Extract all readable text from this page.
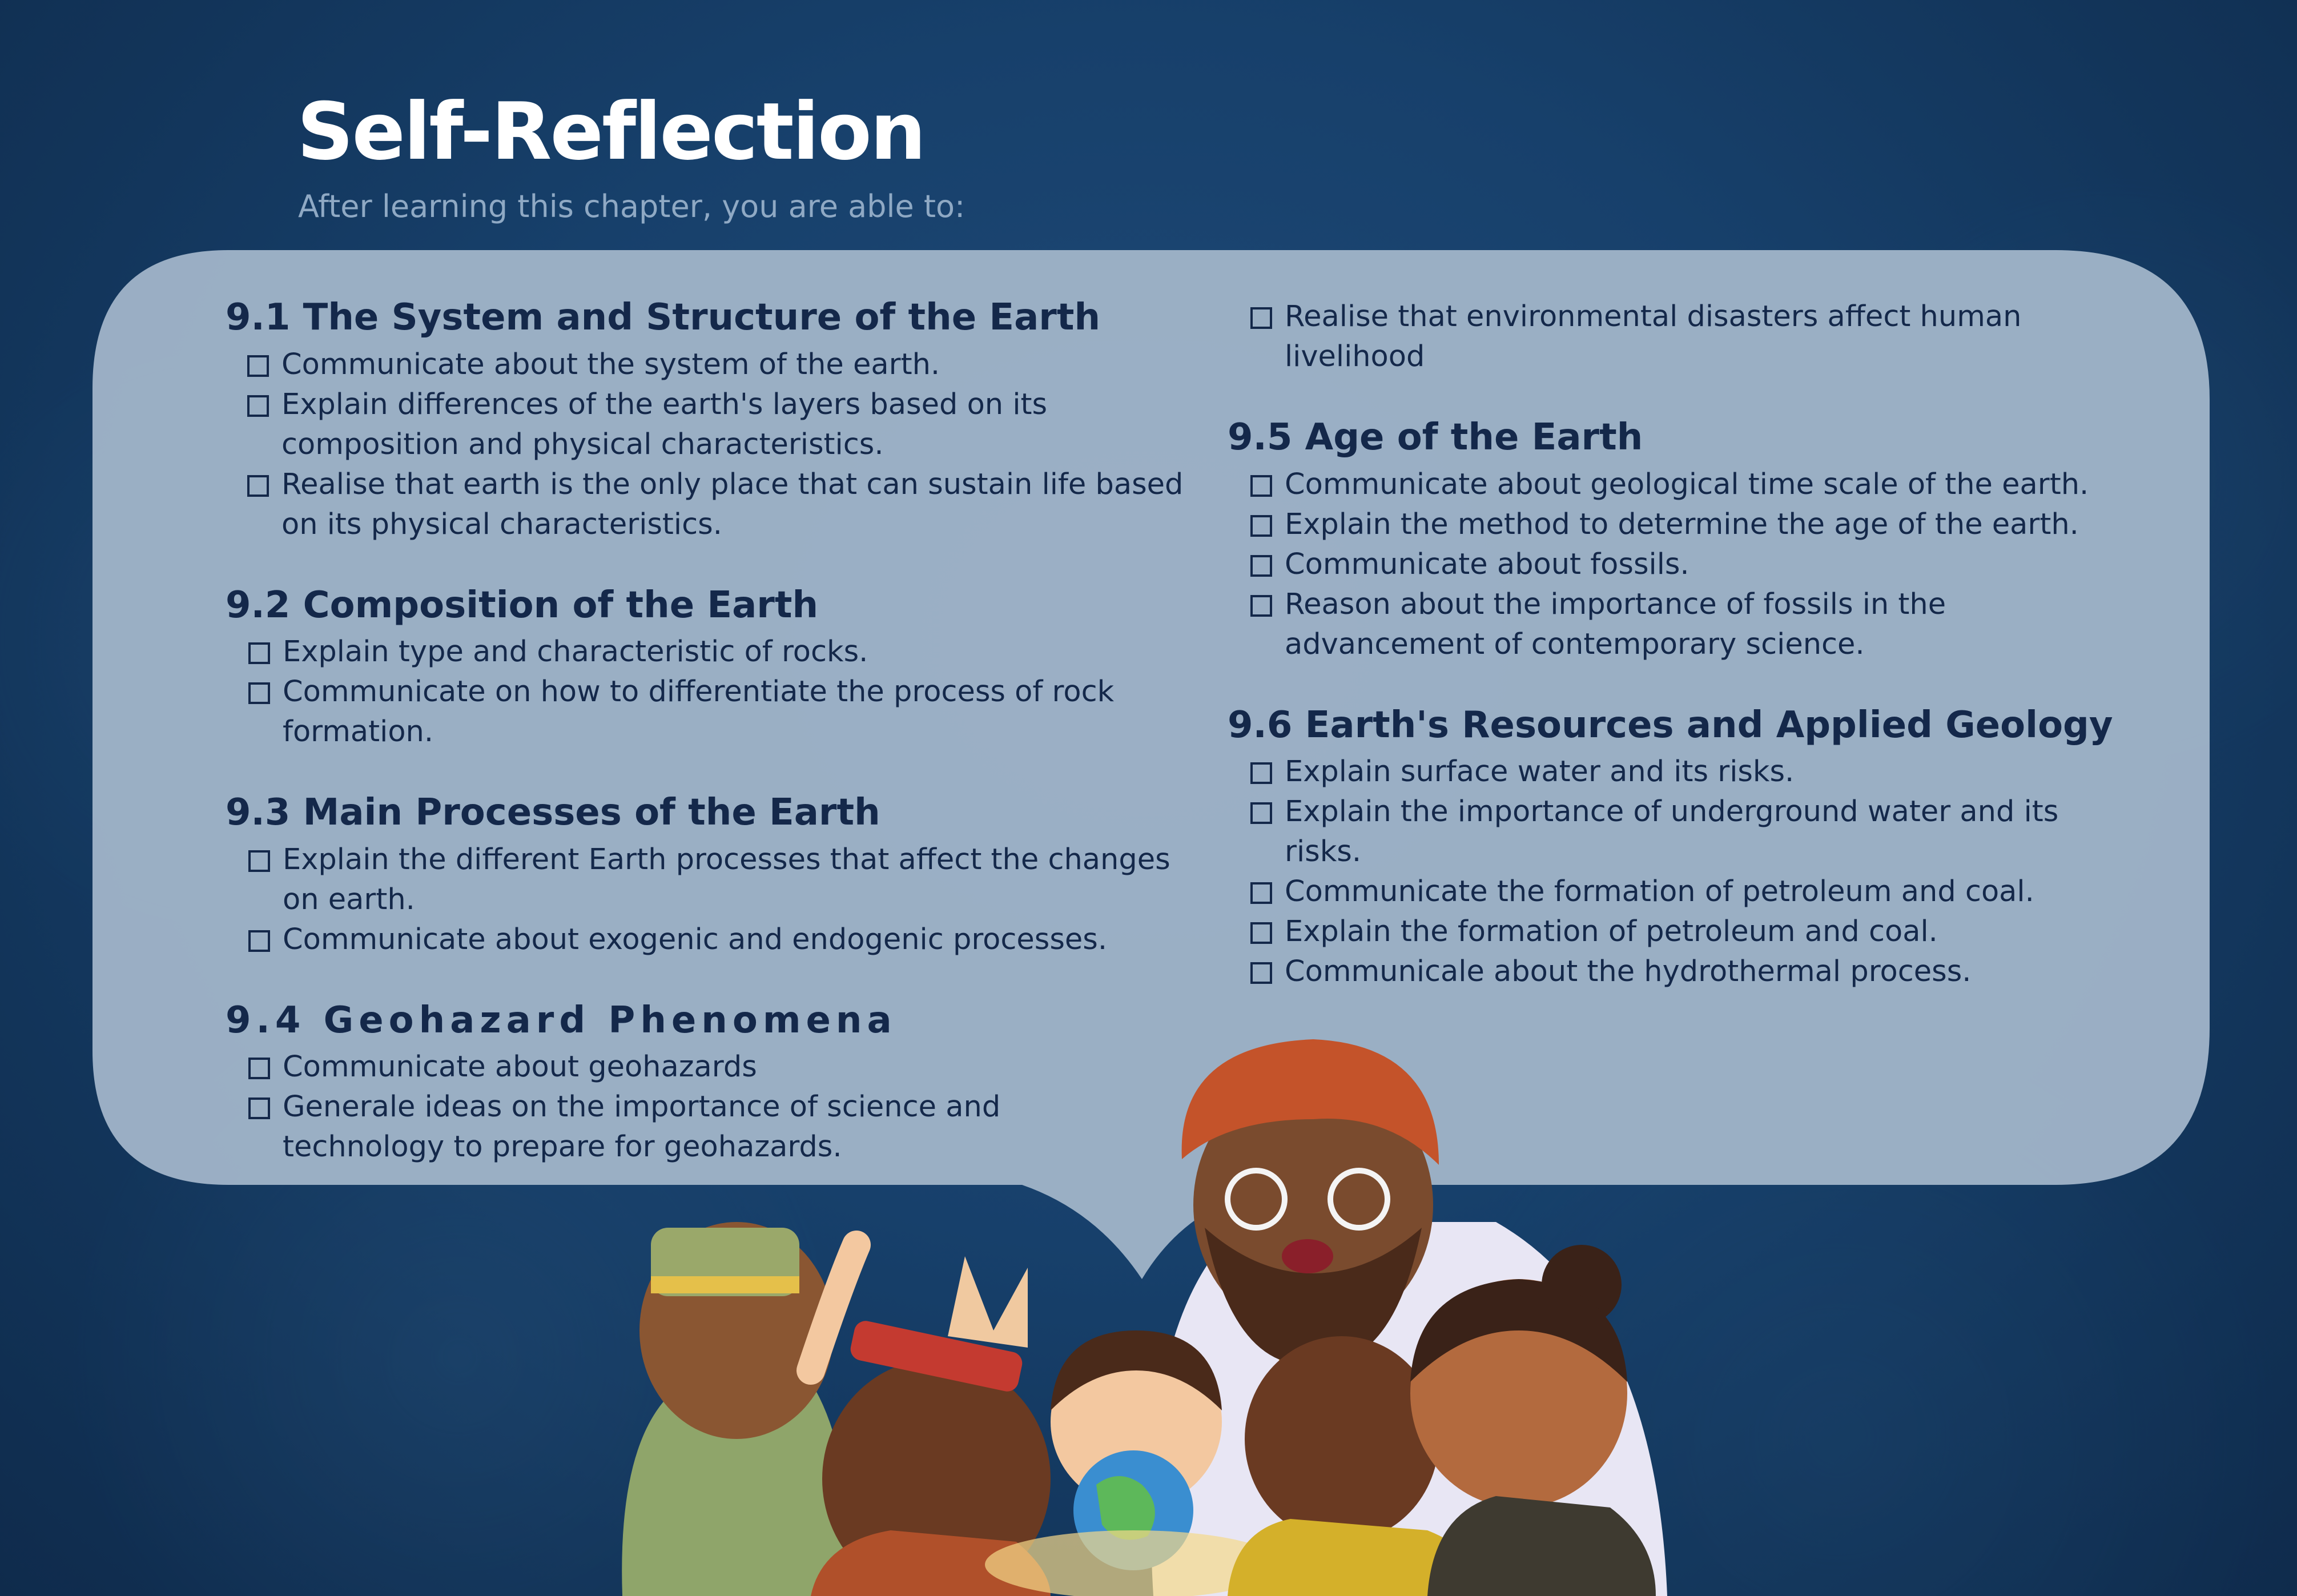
Self-Reflection

After learning this chapter, you are able to:

9.1 The System and Structure of the Earth
Communicate about the system of the earth.
Explain differences of the earth's layers based on its composition and physical characteristics.
Realise that earth is the only place that can sustain life based on its physical characteristics.
9.2 Composition of the Earth
Explain type and characteristic of rocks.
Communicate on how to differentiate the process of rock formation.
9.3 Main Processes of the Earth
Explain the different Earth processes that affect the changes on earth.
Communicate about exogenic and endogenic processes.
9.4 Geohazard Phenomena
Communicate about geohazards
Generale ideas on the importance of science and technology to prepare for geohazards.
Realise that environmental disasters affect human livelihood
9.5 Age of the Earth
Communicate about geological time scale of the earth.
Explain the method to determine the age of the earth.
Communicate about fossils.
Reason about the importance of fossils in the advancement of contemporary science.
9.6 Earth's Resources and Applied Geology
Explain surface water and its risks.
Explain the importance of underground water and its risks.
Communicate the formation of petroleum and coal.
Explain the formation of petroleum and coal.
Communicale about the hydrothermal process.
